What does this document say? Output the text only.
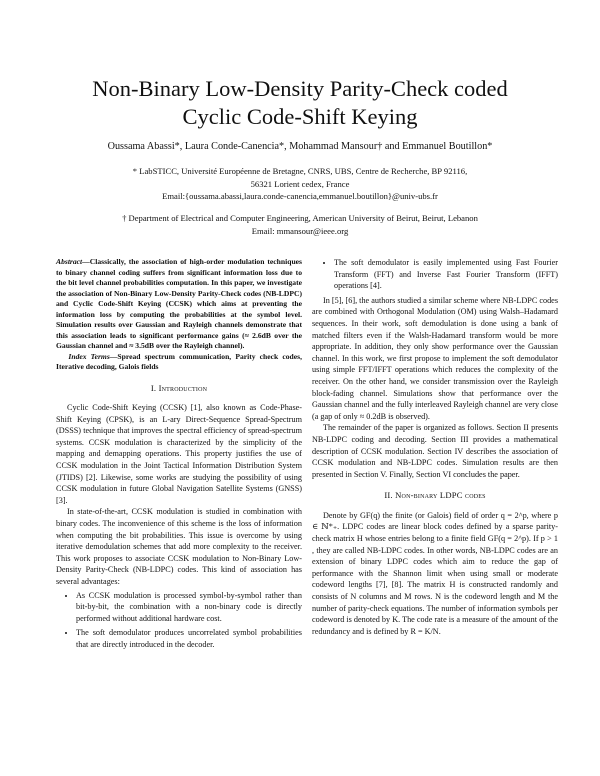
Non-Binary Low-Density Parity-Check coded
Cyclic Code-Shift Keying
Oussama Abassi*, Laura Conde-Canencia*, Mohammad Mansour† and Emmanuel Boutillon*
* LabSTICC, Université Européenne de Bretagne, CNRS, UBS, Centre de Recherche, BP 92116,
56321 Lorient cedex, France
Email:{oussama.abassi,laura.conde-canencia,emmanuel.boutillon}@univ-ubs.fr
† Department of Electrical and Computer Engineering, American University of Beirut, Beirut, Lebanon
Email: mmansour@ieee.org
Abstract—Classically, the association of high-order modulation techniques to binary channel coding suffers from significant information loss due to the bit level channel probabilities computation. In this paper, we investigate the association of Non-Binary Low-Density Parity-Check codes (NB-LDPC) and Cyclic Code-Shift Keying (CCSK) which aims at preventing the information loss by computing the probabilities at the symbol level. Simulation results over Gaussian and Rayleigh channels demonstrate that this association leads to significant performance gains (≈ 2.6dB over the Gaussian channel and ≈ 3.5dB over the Rayleigh channel).
Index Terms—Spread spectrum communication, Parity check codes, Iterative decoding, Galois fields
I. Introduction

Cyclic Code-Shift Keying (CCSK) [1], also known as Code-Phase-Shift Keying (CPSK), is an L-ary Direct-Sequence Spread-Spectrum (DSSS) technique that improves the spectral efficiency of spread-spectrum systems. CCSK modulation is characterized by the simplicity of the mapping and demapping operations. This property justifies the use of CCSK modulation in the Joint Tactical Information Distribution System (JTIDS) [2]. Likewise, some works are studying the possibility of using CCSK modulation in future Global Navigation Satellite Systems (GNSS) [3].

In state-of-the-art, CCSK modulation is studied in combination with binary codes. The inconvenience of this scheme is the loss of information when computing the bit probabilities. This issue is overcome by using iterative demodulation schemes that add more complexity to the receiver. This work proposes to associate CCSK modulation to Non-Binary Low-Density Parity-Check (NB-LDPC) codes. This kind of association has several advantages:

• As CCSK modulation is processed symbol-by-symbol rather than bit-by-bit, the combination with a non-binary code is directly performed without additional hardware cost.
• The soft demodulator produces uncorrelated symbol probabilities that are directly introduced in the decoder.
• The soft demodulator is easily implemented using Fast Fourier Transform (FFT) and Inverse Fast Fourier Transform (IFFT) operations [4].

In [5], [6], the authors studied a similar scheme where NB-LDPC codes are combined with Orthogonal Modulation (OM) using Walsh–Hadamard sequences. In their work, soft demodulation is done using a bank of matched filters even if the Walsh-Hadamard transform would be more appropriate. In addition, they only show performance over the Gaussian channel. In this work, we first propose to implement the soft demodulator using simple FFT/IFFT operations which reduces the complexity of the receiver. On the other hand, we consider transmission over the Rayleigh block-fading channel. Simulations show that performance over the Gaussian channel and the fully interleaved Rayleigh channel are very close (a gap of only ≈ 0.2dB is observed).

The remainder of the paper is organized as follows. Section II presents NB-LDPC coding and decoding. Section III provides a mathematical description of CCSK modulation. Section IV describes the association of CCSK modulation and NB-LDPC codes. Simulation results are then presented in Section V. Finally, Section VI concludes the paper.

II. Non-binary LDPC codes

Denote by GF(q) the finite (or Galois) field of order q = 2^p, where p ∈ ℕ*₊. LDPC codes are linear block codes defined by a sparse parity-check matrix H whose entries belong to a finite field GF(q = 2^p). If p > 1 , they are called NB-LDPC codes. In other words, NB-LDPC codes are an extension of binary LDPC codes which aim to reduce the gap of performance with the Shannon limit when using small or moderate codeword lengths [7], [8]. The matrix H is constructed randomly and consists of N columns and M rows. N is the codeword length and M the number of parity-check equations. The number of information symbols per codeword is denoted by K. The code rate is a measure of the amount of the redundancy and is defined by R = K/N.
